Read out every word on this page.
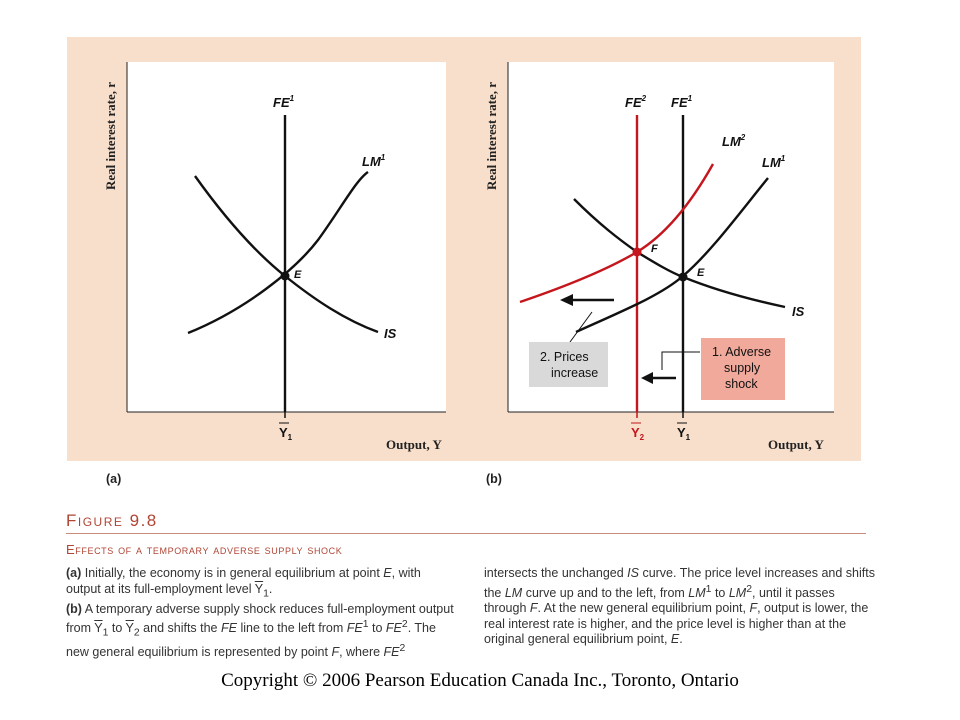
Real interest rate, r
Output, Y
$FE^1$
$LM^1$
IS
E
$Y_1$
Real interest rate, r
Output, Y
$FE^2$ $FE^1$
$LM^2$
$LM^1$
IS
F
E
2. Prices
increase
1. Adverse
supply
shock
$Y_2$	$Y_1$
(a)	(b)
Figure 9.8
Effects of a temporary adverse supply shock

(a) Initially, the economy is in general equilibrium at point E, with output at its full-employment level $\overline{Y}_1$.

(b) A temporary adverse supply shock reduces full-employment output from $\overline{Y}_1$ to $\overline{Y}_2$ and shifts the FE line to the left from $FE^1$ to $FE^2$. The new general equilibrium is represented by point F, where $FE^2$

intersects the unchanged IS curve. The price level increases and shifts the LM curve up and to the left, from $LM^1$ to $LM^2$, until it passes through F. At the new general equilibrium point, F, output is lower, the real interest rate is higher, and the price level is higher than at the original general equilibrium point, E.

Copyright © 2006 Pearson Education Canada Inc., Toronto, Ontario
